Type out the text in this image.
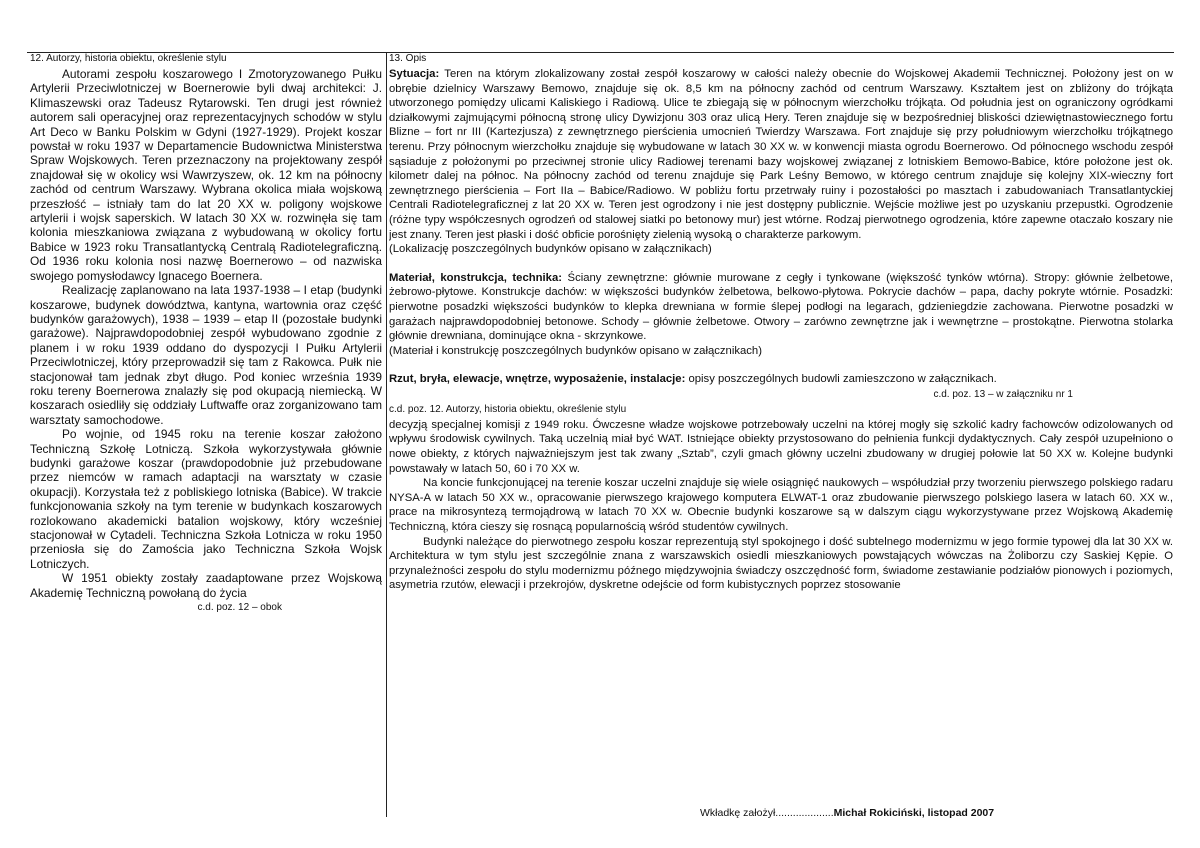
12. Autorzy, historia obiektu, określenie stylu

Autorami zespołu koszarowego I Zmotoryzowanego Pułku Artylerii Przeciwlotniczej w Boernerowie byli dwaj architekci: J. Klimaszewski oraz Tadeusz Rytarowski. Ten drugi jest również autorem sali operacyjnej oraz reprezentacyjnych schodów w stylu Art Deco w Banku Polskim w Gdyni (1927-1929). Projekt koszar powstał w roku 1937 w Departamencie Budownictwa Ministerstwa Spraw Wojskowych. Teren przeznaczony na projektowany zespół znajdował się w okolicy wsi Wawrzyszew, ok. 12 km na północny zachód od centrum Warszawy. Wybrana okolica miała wojskową przeszłość – istniały tam do lat 20 XX w. poligony wojskowe artylerii i wojsk saperskich. W latach 30 XX w. rozwinęła się tam kolonia mieszkaniowa związana z wybudowaną w okolicy fortu Babice w 1923 roku Transatlantycką Centralą Radiotelegraficzną. Od 1936 roku kolonia nosi nazwę Boernerowo – od nazwiska swojego pomysłodawcy Ignacego Boernera.

Realizację zaplanowano na lata 1937-1938 – I etap (budynki koszarowe, budynek dowództwa, kantyna, wartownia oraz część budynków garażowych), 1938 – 1939 – etap II (pozostałe budynki garażowe). Najprawdopodobniej zespół wybudowano zgodnie z planem i w roku 1939 oddano do dyspozycji I Pułku Artylerii Przeciwlotniczej, który przeprowadził się tam z Rakowca. Pułk nie stacjonował tam jednak zbyt długo. Pod koniec września 1939 roku tereny Boernerowa znalazły się pod okupacją niemiecką. W koszarach osiedliły się oddziały Luftwaffe oraz zorganizowano tam warsztaty samochodowe.

Po wojnie, od 1945 roku na terenie koszar założono Techniczną Szkołę Lotniczą. Szkoła wykorzystywała głównie budynki garażowe koszar (prawdopodobnie już przebudowane przez niemców w ramach adaptacji na warsztaty w czasie okupacji). Korzystała też z pobliskiego lotniska (Babice). W trakcie funkcjonowania szkoły na tym terenie w budynkach koszarowych rozlokowano akademicki batalion wojskowy, który wcześniej stacjonował w Cytadeli. Techniczna Szkoła Lotnicza w roku 1950 przeniosła się do Zamościa jako Techniczna Szkoła Wojsk Lotniczych.

W 1951 obiekty zostały zaadaptowane przez Wojskową Akademię Techniczną powołaną do życia

c.d. poz. 12 – obok
13. Opis

Sytuacja: Teren na którym zlokalizowany został zespół koszarowy w całości należy obecnie do Wojskowej Akademii Technicznej. Położony jest on w obrębie dzielnicy Warszawy Bemowo, znajduje się ok. 8,5 km na północny zachód od centrum Warszawy. Kształtem jest on zbliżony do trójkąta utworzonego pomiędzy ulicami Kaliskiego i Radiową. Ulice te zbiegają się w północnym wierzchołku trójkąta. Od południa jest on ograniczony ogródkami działkowymi zajmującymi północną stronę ulicy Dywizjonu 303 oraz ulicą Hery. Teren znajduje się w bezpośredniej bliskości dziewiętnastowiecznego fortu Blizne – fort nr III (Kartezjusza) z zewnętrznego pierścienia umocnień Twierdzy Warszawa. Fort znajduje się przy południowym wierzchołku trójkątnego terenu. Przy północnym wierzchołku znajduje się wybudowane w latach 30 XX w. w konwencji miasta ogrodu Boernerowo. Od północnego wschodu zespół sąsiaduje z położonymi po przeciwnej stronie ulicy Radiowej terenami bazy wojskowej związanej z lotniskiem Bemowo-Babice, które położone jest ok. kilometr dalej na północ. Na północny zachód od terenu znajduje się Park Leśny Bemowo, w którego centrum znajduje się kolejny XIX-wieczny fort zewnętrznego pierścienia – Fort IIa – Babice/Radiowo. W pobliżu fortu przetrwały ruiny i pozostałości po masztach i zabudowaniach Transatlantyckiej Centrali Radiotelegraficznej z lat 20 XX w. Teren jest ogrodzony i nie jest dostępny publicznie. Wejście możliwe jest po uzyskaniu przepustki. Ogrodzenie (różne typy współczesnych ogrodzeń od stalowej siatki po betonowy mur) jest wtórne. Rodzaj pierwotnego ogrodzenia, które zapewne otaczało koszary nie jest znany. Teren jest płaski i dość obficie porośnięty zielenią wysoką o charakterze parkowym.

(Lokalizację poszczególnych budynków opisano w załącznikach)

Materiał, konstrukcja, technika: Ściany zewnętrzne: głównie murowane z cegły i tynkowane (większość tynków wtórna). Stropy: głównie żelbetowe, żebrowo-płytowe. Konstrukcje dachów: w większości budynków żelbetowa, belkowo-płytowa. Pokrycie dachów – papa, dachy pokryte wtórnie. Posadzki: pierwotne posadzki większości budynków to klepka drewniana w formie ślepej podłogi na legarach, gdzieniegdzie zachowana. Pierwotne posadzki w garażach najprawdopodobniej betonowe. Schody – głównie żelbetowe. Otwory – zarówno zewnętrzne jak i wewnętrzne – prostokątne. Pierwotna stolarka głównie drewniana, dominujące okna - skrzynkowe.

(Materiał i konstrukcję poszczególnych budynków opisano w załącznikach)

Rzut, bryła, elewacje, wnętrze, wyposażenie, instalacje: opisy poszczególnych budowli zamieszczono w załącznikach.

c.d. poz. 13 – w załączniku nr 1
c.d. poz. 12. Autorzy, historia obiektu, określenie stylu

decyzją specjalnej komisji z 1949 roku. Ówczesne władze wojskowe potrzebowały uczelni na której mogły się szkolić kadry fachowców odizolowanych od wpływu środowisk cywilnych. Taką uczelnią miał być WAT. Istniejące obiekty przystosowano do pełnienia funkcji dydaktycznych. Cały zespół uzupełniono o nowe obiekty, z których najważniejszym jest tak zwany „Sztab”, czyli gmach główny uczelni zbudowany w drugiej połowie lat 50 XX w. Kolejne budynki powstawały w latach 50, 60 i 70 XX w.

Na koncie funkcjonującej na terenie koszar uczelni znajduje się wiele osiągnięć naukowych – współudział przy tworzeniu pierwszego polskiego radaru NYSA-A w latach 50 XX w., opracowanie pierwszego krajowego komputera ELWAT-1 oraz zbudowanie pierwszego polskiego lasera w latach 60. XX w., prace na mikrosyntezą termojądrową w latach 70 XX w. Obecnie budynki koszarowe są w dalszym ciągu wykorzystywane przez Wojskową Akademię Techniczną, która cieszy się rosnącą popularnością wśród studentów cywilnych.

Budynki należące do pierwotnego zespołu koszar reprezentują styl spokojnego i dość subtelnego modernizmu w jego formie typowej dla lat 30 XX w. Architektura w tym stylu jest szczególnie znana z warszawskich osiedli mieszkaniowych powstających wówczas na Żoliborzu czy Saskiej Kępie. O przynależności zespołu do stylu modernizmu późnego międzywojnia świadczy oszczędność form, świadome zestawianie podziałów pionowych i poziomych, asymetria rzutów, elewacji i przekrojów, dyskretne odejście od form kubistycznych poprzez stosowanie

Wkładkę założył....................Michał Rokiciński, listopad 2007
